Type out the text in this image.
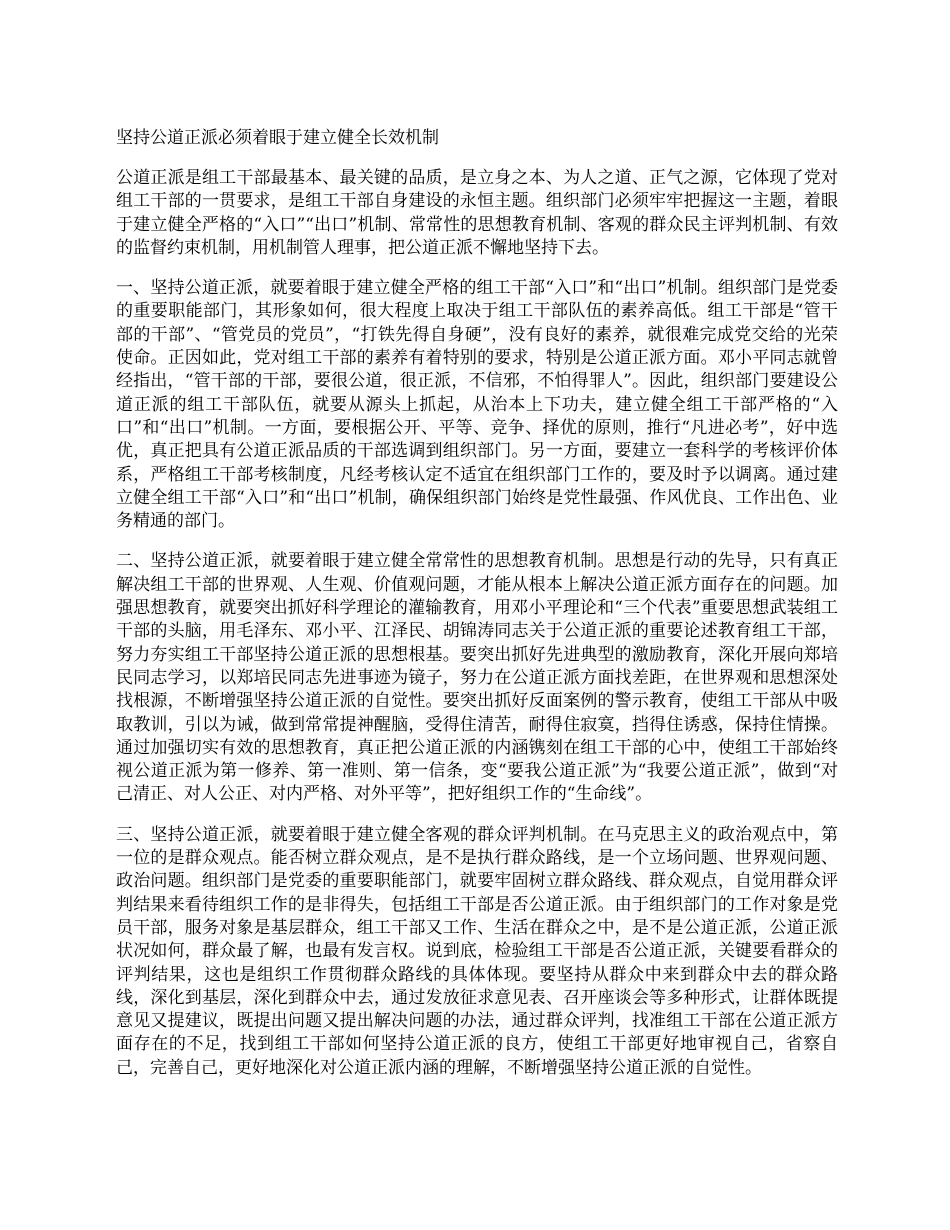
坚持公道正派必须着眼于建立健全长效机制

公道正派是组工干部最基本、最关键的品质，是立身之本、为人之道、正气之源，它体现了党对组工干部的一贯要求，是组工干部自身建设的永恒主题。组织部门必须牢牢把握这一主题，着眼于建立健全严格的“入口”“出口”机制、常常性的思想教育机制、客观的群众民主评判机制、有效的监督约束机制，用机制管人理事，把公道正派不懈地坚持下去。

一、坚持公道正派，就要着眼于建立健全严格的组工干部“入口”和“出口”机制。组织部门是党委的重要职能部门，其形象如何，很大程度上取决于组工干部队伍的素养高低。组工干部是“管干部的干部”、“管党员的党员”，“打铁先得自身硬”，没有良好的素养，就很难完成党交给的光荣使命。正因如此，党对组工干部的素养有着特别的要求，特别是公道正派方面。邓小平同志就曾经指出，“管干部的干部，要很公道，很正派，不信邪，不怕得罪人”。因此，组织部门要建设公道正派的组工干部队伍，就要从源头上抓起，从治本上下功夫，建立健全组工干部严格的“入口”和“出口”机制。一方面，要根据公开、平等、竞争、择优的原则，推行“凡进必考”，好中选优，真正把具有公道正派品质的干部选调到组织部门。另一方面，要建立一套科学的考核评价体系，严格组工干部考核制度，凡经考核认定不适宜在组织部门工作的，要及时予以调离。通过建立健全组工干部“入口”和“出口”机制，确保组织部门始终是党性最强、作风优良、工作出色、业务精通的部门。

二、坚持公道正派，就要着眼于建立健全常常性的思想教育机制。思想是行动的先导，只有真正解决组工干部的世界观、人生观、价值观问题，才能从根本上解决公道正派方面存在的问题。加强思想教育，就要突出抓好科学理论的灌输教育，用邓小平理论和“三个代表”重要思想武装组工干部的头脑，用毛泽东、邓小平、江泽民、胡锦涛同志关于公道正派的重要论述教育组工干部，努力夯实组工干部坚持公道正派的思想根基。要突出抓好先进典型的激励教育，深化开展向郑培民同志学习，以郑培民同志先进事迹为镜子，努力在公道正派方面找差距，在世界观和思想深处找根源，不断增强坚持公道正派的自觉性。要突出抓好反面案例的警示教育，使组工干部从中吸取教训，引以为诫，做到常常提神醒脑，受得住清苦，耐得住寂寞，挡得住诱惑，保持住情操。通过加强切实有效的思想教育，真正把公道正派的内涵镌刻在组工干部的心中，使组工干部始终视公道正派为第一修养、第一准则、第一信条，变“要我公道正派”为“我要公道正派”，做到“对己清正、对人公正、对内严格、对外平等”，把好组织工作的“生命线”。

三、坚持公道正派，就要着眼于建立健全客观的群众评判机制。在马克思主义的政治观点中，第一位的是群众观点。能否树立群众观点，是不是执行群众路线，是一个立场问题、世界观问题、政治问题。组织部门是党委的重要职能部门，就要牢固树立群众路线、群众观点，自觉用群众评判结果来看待组织工作的是非得失，包括组工干部是否公道正派。由于组织部门的工作对象是党员干部，服务对象是基层群众，组工干部又工作、生活在群众之中，是不是公道正派，公道正派状况如何，群众最了解，也最有发言权。说到底，检验组工干部是否公道正派，关键要看群众的评判结果，这也是组织工作贯彻群众路线的具体体现。要坚持从群众中来到群众中去的群众路线，深化到基层，深化到群众中去，通过发放征求意见表、召开座谈会等多种形式，让群体既提意见又提建议，既提出问题又提出解决问题的办法，通过群众评判，找准组工干部在公道正派方面存在的不足，找到组工干部如何坚持公道正派的良方，使组工干部更好地审视自己，省察自己，完善自己，更好地深化对公道正派内涵的理解，不断增强坚持公道正派的自觉性。
